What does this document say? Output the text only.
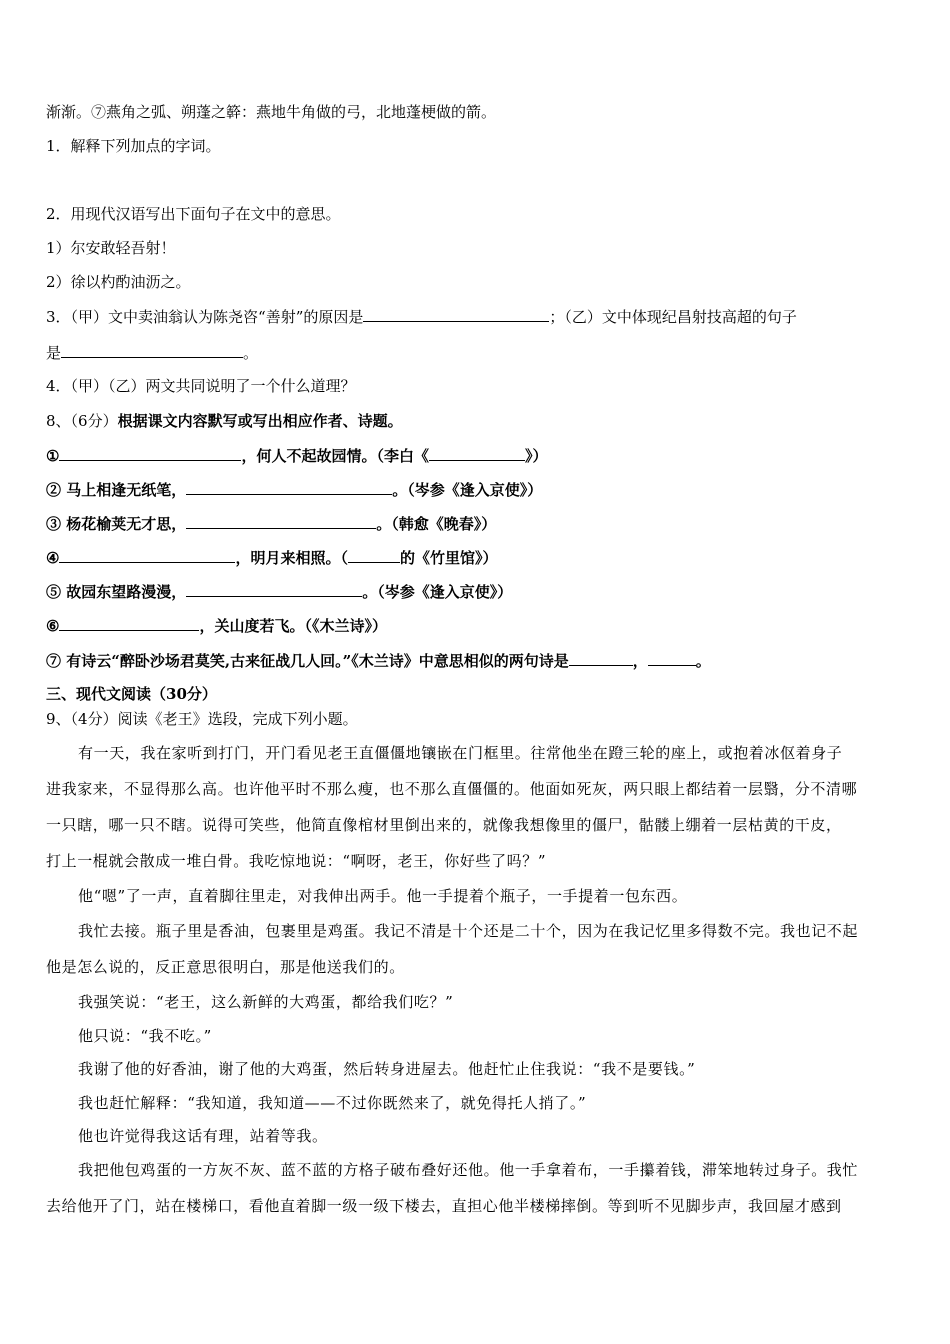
渐渐。⑦燕角之弧、朔蓬之簳：燕地牛角做的弓，北地蓬梗做的箭。
1．解释下列加点的字词。
2．用现代汉语写出下面句子在文中的意思。
1）尔安敢轻吾射！
2）徐以杓酌油沥之。
3．（甲）文中卖油翁认为陈尧咨“善射”的原因是	；（乙）文中体现纪昌射技高超的句子
是	。
4．（甲）（乙）两文共同说明了一个什么道理？
8、（6分）根据课文内容默写或写出相应作者、诗题。
①	，何人不起故园情。（李白《	》）
② 马上相逢无纸笔，	。（岑参《逢入京使》）
③ 杨花榆荚无才思，	。（韩愈《晚春》）
④	，明月来相照。（	的《竹里馆》）
⑤ 故园东望路漫漫，	。（岑参《逢入京使》）
⑥	，关山度若飞。（《木兰诗》）
⑦ 有诗云“醉卧沙场君莫笑,古来征战几人回。”《木兰诗》中意思相似的两句诗是	，	。
三、现代文阅读（30分）
9、（4分）阅读《老王》选段，完成下列小题。
有一天，我在家听到打门，开门看见老王直僵僵地镶嵌在门框里。往常他坐在蹬三轮的座上，或抱着冰伛着身子
进我家来，不显得那么高。也许他平时不那么瘦，也不那么直僵僵的。他面如死灰，两只眼上都结着一层翳，分不清哪
一只瞎，哪一只不瞎。说得可笑些，他简直像棺材里倒出来的，就像我想像里的僵尸，骷髅上绷着一层枯黄的干皮，
打上一棍就会散成一堆白骨。我吃惊地说：“啊呀，老王，你好些了吗？”
他“嗯”了一声，直着脚往里走，对我伸出两手。他一手提着个瓶子，一手提着一包东西。
我忙去接。瓶子里是香油，包裹里是鸡蛋。我记不清是十个还是二十个，因为在我记忆里多得数不完。我也记不起
他是怎么说的，反正意思很明白，那是他送我们的。
我强笑说：“老王，这么新鲜的大鸡蛋，都给我们吃？”
他只说：“我不吃。”
我谢了他的好香油，谢了他的大鸡蛋，然后转身进屋去。他赶忙止住我说：“我不是要钱。”
我也赶忙解释：“我知道，我知道——不过你既然来了，就免得托人捎了。”
他也许觉得我这话有理，站着等我。
我把他包鸡蛋的一方灰不灰、蓝不蓝的方格子破布叠好还他。他一手拿着布，一手攥着钱，滞笨地转过身子。我忙
去给他开了门，站在楼梯口，看他直着脚一级一级下楼去，直担心他半楼梯摔倒。等到听不见脚步声，我回屋才感到
